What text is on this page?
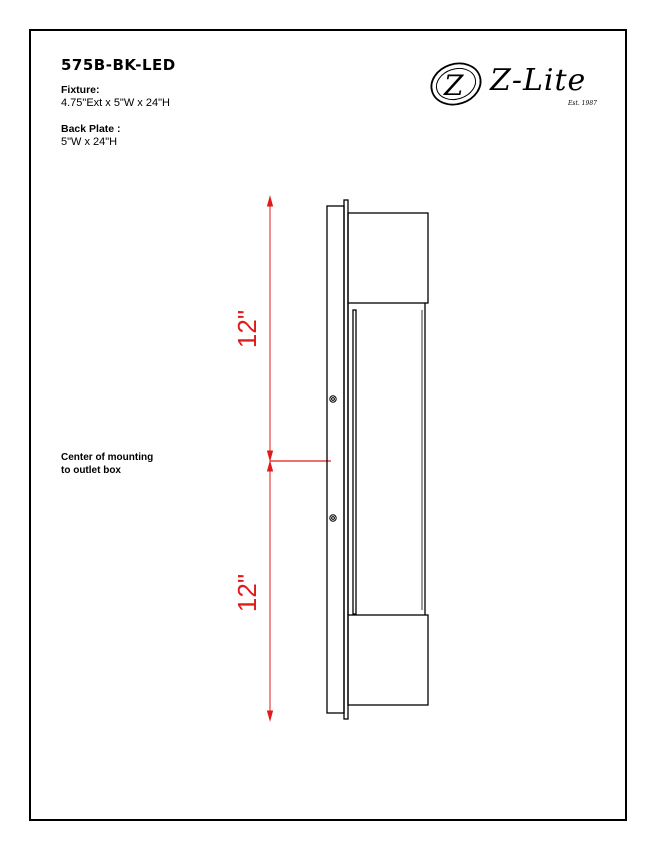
575B-BK-LED
Fixture:
4.75"Ext x 5"W x 24"H
Back Plate :
5"W x 24"H
Center of mounting
to outlet box
Z Z-Lite
Est. 1987
12"
12"
